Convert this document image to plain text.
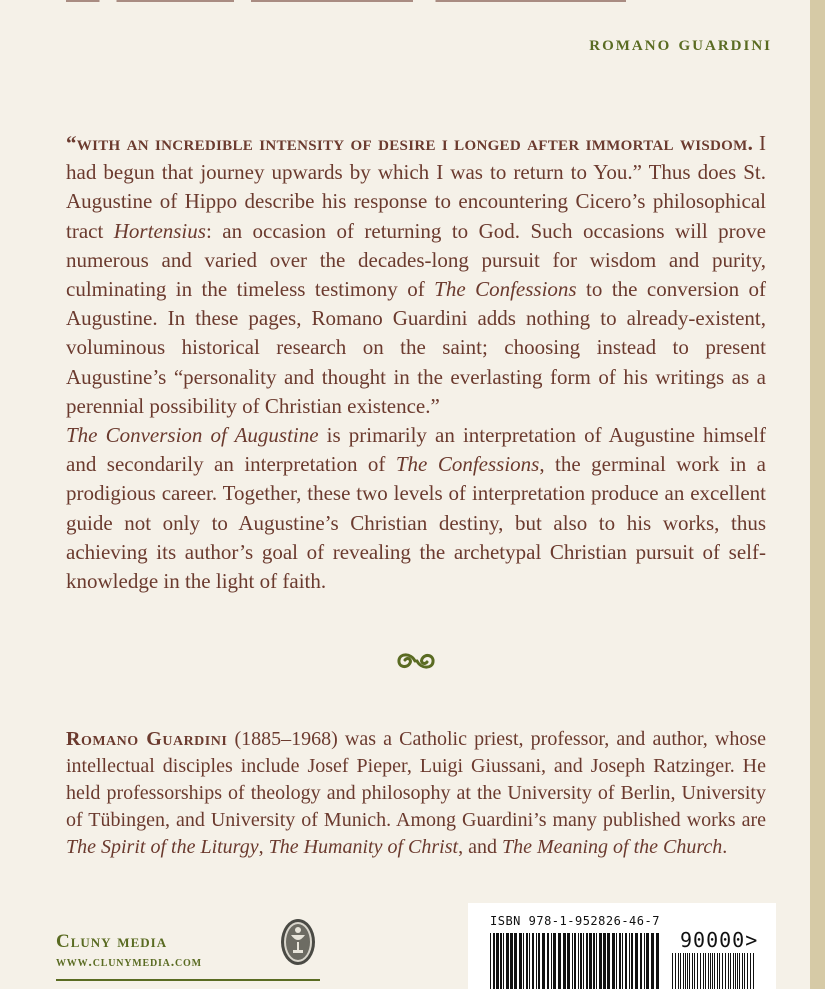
romano guardini
“with an incredible intensity of desire i longed after immortal wisdom. I had begun that journey upwards by which I was to return to You.” Thus does St. Augustine of Hippo describe his response to encountering Cicero’s philosophical tract Hortensius: an occasion of returning to God. Such occasions will prove numerous and varied over the decades-long pursuit for wisdom and purity, culminating in the timeless testimony of The Confessions to the conversion of Augustine. In these pages, Romano Guardini adds nothing to already-existent, voluminous historical research on the saint; choosing instead to present Augustine’s “personality and thought in the everlasting form of his writings as a perennial possibility of Christian existence.”
The Conversion of Augustine is primarily an interpretation of Augustine himself and secondarily an interpretation of The Confessions, the germinal work in a prodigious career. Together, these two levels of interpretation produce an excellent guide not only to Augustine’s Christian destiny, but also to his works, thus achieving its author’s goal of revealing the archetypal Christian pursuit of self-knowledge in the light of faith.
Romano Guardini (1885–1968) was a Catholic priest, professor, and author, whose intellectual disciples include Josef Pieper, Luigi Giussani, and Joseph Ratzinger. He held professorships of theology and philosophy at the University of Berlin, University of Tübingen, and University of Munich. Among Guardini’s many published works are The Spirit of the Liturgy, The Humanity of Christ, and The Meaning of the Church.
Cluny media
www.clunymedia.com
ISBN 978-1-952826-46-7
90000>
